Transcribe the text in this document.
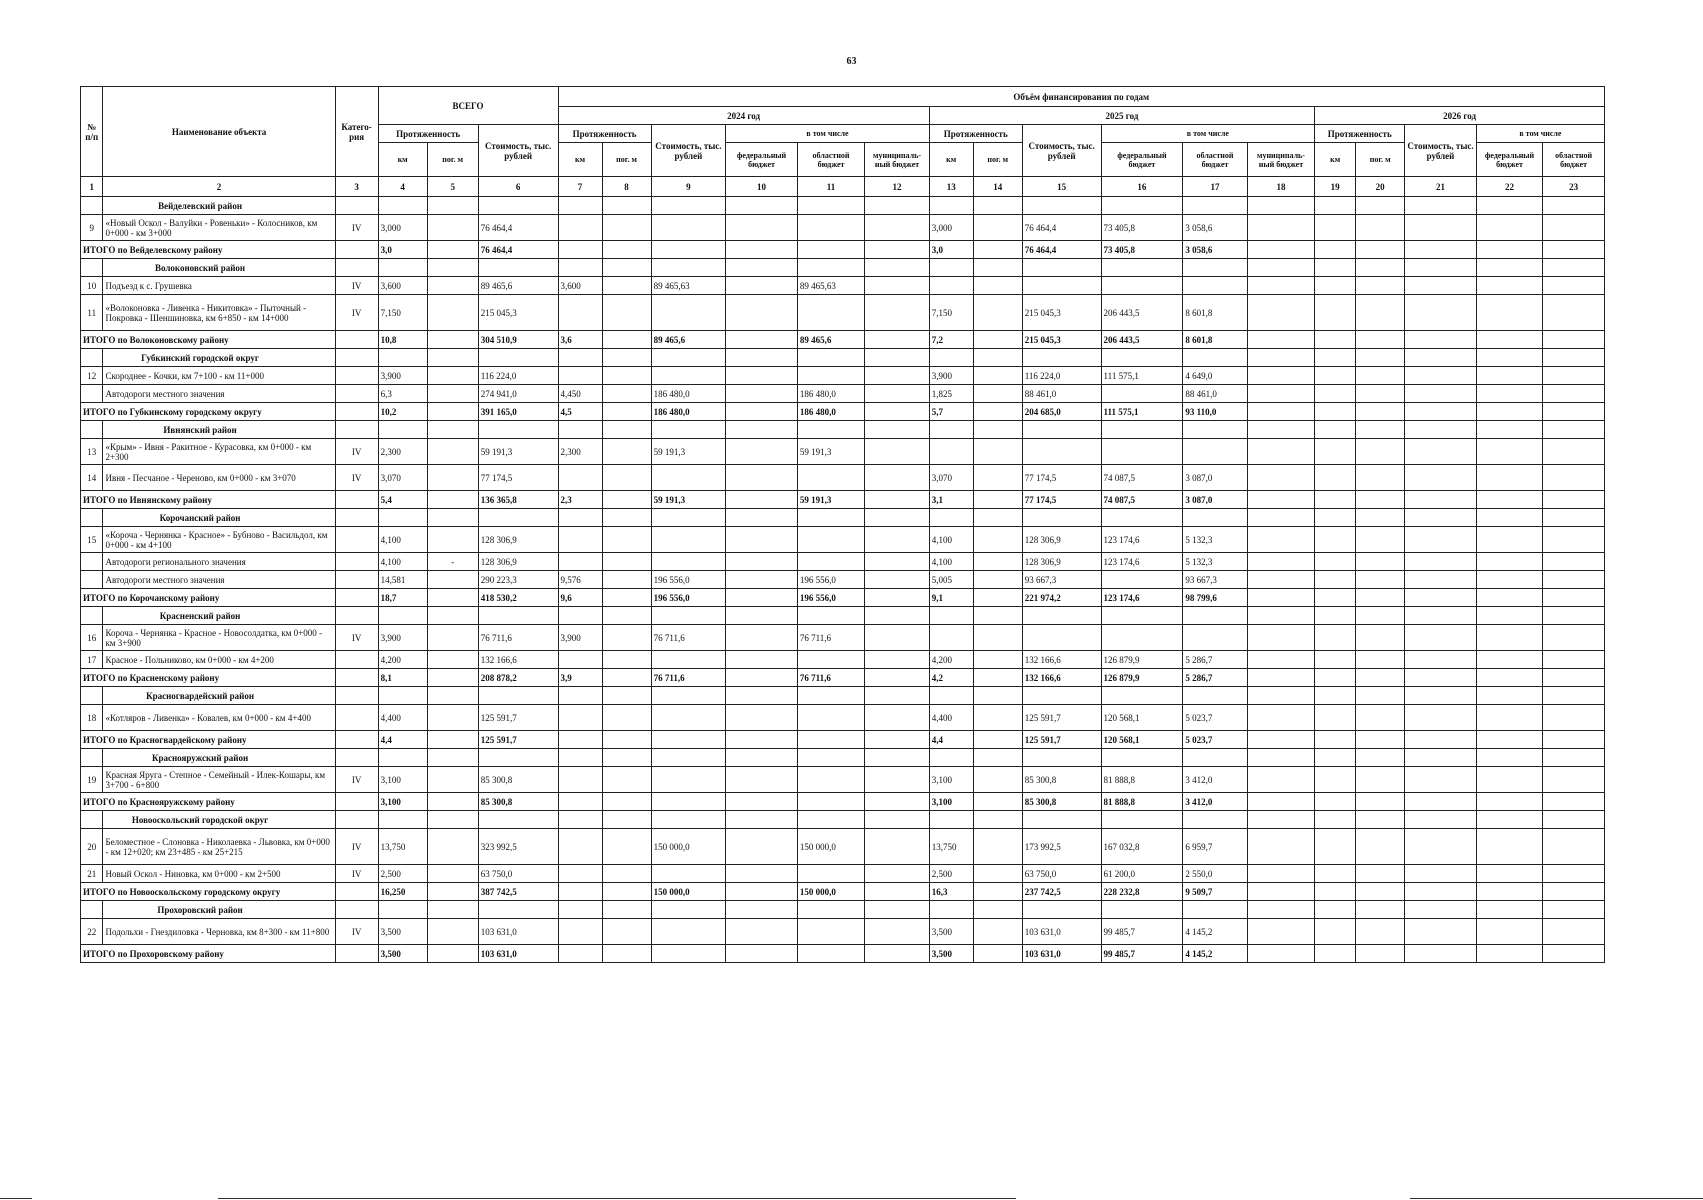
63
№ п/п	Наименование объекта	Катего-рия	ВСЕГО			Объём финансирования по годам																
						2024 год						2025 год						2026 год				
			Протяженность		Стоимость, тыс. рублей	Протяженность		Стоимость, тыс. рублей	в том числе			Протяженность		Стоимость, тыс. рублей	в том числе			Протяженность		Стоимость, тыс. рублей	в том числе	
			км	пог. м		км	пог. м		федеральный бюджет	областной бюджет	муниципаль-ный бюджет	км	пог. м		федеральный бюджет	областной бюджет	муниципаль-ный бюджет	км	пог. м		федеральный бюджет	областной бюджет
1	2	3	4	5	6	7	8	9	10	11	12	13	14	15	16	17	18	19	20	21	22	23
	Вейделевский район																					
9	«Новый Оскол - Валуйки - Ровеньки» - Колосников, км 0+000 - км 3+000	IV	3,000		76 464,4							3,000		76 464,4	73 405,8	3 058,6						
ИТОГО по Вейделевскому району			3,0		76 464,4							3,0		76 464,4	73 405,8	3 058,6						
	Волоконовский район																					
10	Подъезд к с. Грушевка	IV	3,600		89 465,6	3,600		89 465,63		89 465,63												
11	«Волоконовка - Ливенка - Никитовка» - Пыточный - Покровка - Шеншиновка, км 6+850 - км 14+000	IV	7,150		215 045,3							7,150		215 045,3	206 443,5	8 601,8						
ИТОГО по Волоконовскому району			10,8		304 510,9	3,6		89 465,6		89 465,6		7,2		215 045,3	206 443,5	8 601,8						
	Губкинский городской округ																					
12	Скороднее - Кочки, км 7+100 - км 11+000		3,900		116 224,0							3,900		116 224,0	111 575,1	4 649,0						
	Автодороги местного значения		6,3		274 941,0	4,450		186 480,0		186 480,0		1,825		88 461,0		88 461,0						
ИТОГО по Губкинскому городскому округу			10,2		391 165,0	4,5		186 480,0		186 480,0		5,7		204 685,0	111 575,1	93 110,0						
	Ивнянский район																					
13	«Крым» - Ивня - Ракитное - Курасовка, км 0+000 - км 2+300	IV	2,300		59 191,3	2,300		59 191,3		59 191,3												
14	Ивня - Песчаное - Череново, км 0+000 - км 3+070	IV	3,070		77 174,5							3,070		77 174,5	74 087,5	3 087,0						
ИТОГО по Ивнянскому району			5,4		136 365,8	2,3		59 191,3		59 191,3		3,1		77 174,5	74 087,5	3 087,0						
	Корочанский район																					
15	«Короча - Чернянка - Красное» - Бубново - Васильдол, км 0+000 - км 4+100		4,100		128 306,9							4,100		128 306,9	123 174,6	5 132,3						
	Автодороги регионального значения		4,100	-	128 306,9							4,100		128 306,9	123 174,6	5 132,3						
	Автодороги местного значения		14,581		290 223,3	9,576		196 556,0		196 556,0		5,005		93 667,3		93 667,3						
ИТОГО по Корочанскому району			18,7		418 530,2	9,6		196 556,0		196 556,0		9,1		221 974,2	123 174,6	98 799,6						
	Красненский район																					
16	Короча - Чернянка - Красное - Новосолдатка, км 0+000 - км 3+900	IV	3,900		76 711,6	3,900		76 711,6		76 711,6												
17	Красное - Польниково, км 0+000 - км 4+200		4,200		132 166,6							4,200		132 166,6	126 879,9	5 286,7						
ИТОГО по Красненскому району			8,1		208 878,2	3,9		76 711,6		76 711,6		4,2		132 166,6	126 879,9	5 286,7						
	Красногвардейский район																					
18	«Котляров - Ливенка» - Ковалев, км 0+000 - км 4+400		4,400		125 591,7							4,400		125 591,7	120 568,1	5 023,7						
ИТОГО по Красногвардейскому району			4,4		125 591,7							4,4		125 591,7	120 568,1	5 023,7						
	Краснояружский район																					
19	Красная Яруга - Степное - Семейный - Илек-Кошары, км 3+700 - 6+800	IV	3,100		85 300,8							3,100		85 300,8	81 888,8	3 412,0						
ИТОГО по Краснояружскому району			3,100		85 300,8							3,100		85 300,8	81 888,8	3 412,0						
	Новооскольский городской округ																					
20	Беломестное - Слоновка - Николаевка - Львовка, км 0+000 - км 12+020; км 23+485 - км 25+215	IV	13,750		323 992,5			150 000,0		150 000,0		13,750		173 992,5	167 032,8	6 959,7						
21	Новый Оскол - Ниновка, км 0+000 - км 2+500	IV	2,500		63 750,0							2,500		63 750,0	61 200,0	2 550,0						
ИТОГО по Новооскольскому городскому округу			16,250		387 742,5			150 000,0		150 000,0		16,3		237 742,5	228 232,8	9 509,7						
	Прохоровский район																					
22	Подольхи - Гнездиловка - Черновка, км 8+300 - км 11+800	IV	3,500		103 631,0							3,500		103 631,0	99 485,7	4 145,2						
ИТОГО по Прохоровскому району			3,500		103 631,0							3,500		103 631,0	99 485,7	4 145,2						
